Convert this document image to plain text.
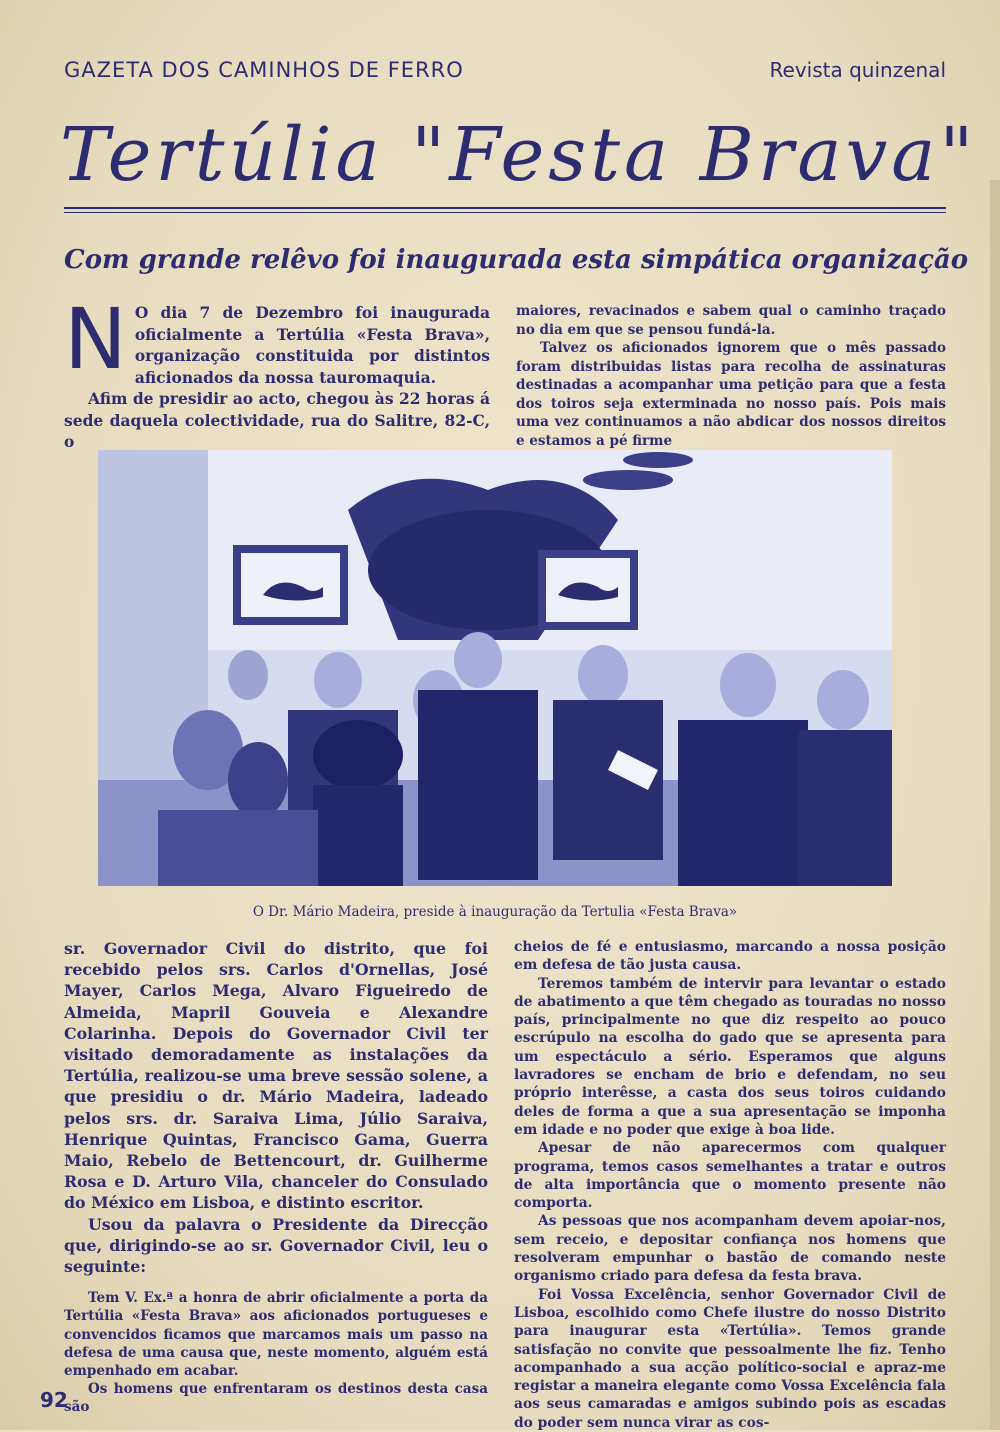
GAZETA DOS CAMINHOS DE FERRO	Revista quinzenal
Tertúlia "Festa Brava"
Com grande relêvo foi inaugurada esta simpática organização
N O dia 7 de Dezembro foi inaugurada oficialmente a Tertúlia «Festa Brava», organização constituida por distintos aficionados da nossa tauromaquia.

Afim de presidir ao acto, chegou às 22 horas á sede daquela colectividade, rua do Salitre, 82-C, o

maiores, revacinados e sabem qual o caminho traçado no dia em que se pensou fundá-la.

Talvez os aficionados ignorem que o mês passado foram distribuidas listas para recolha de assinaturas destinadas a acompanhar uma petição para que a festa dos toiros seja exterminada no nosso país. Pois mais uma vez continuamos a não abdicar dos nossos direitos e estamos a pé firme

O Dr. Mário Madeira, preside à inauguração da Tertulia «Festa Brava»

sr. Governador Civil do distrito, que foi recebido pelos srs. Carlos d'Ornellas, José Mayer, Carlos Mega, Alvaro Figueiredo de Almeida, Mapril Gouveia e Alexandre Colarinha. Depois do Governador Civil ter visitado demoradamente as instalações da Tertúlia, realizou-se uma breve sessão solene, a que presidiu o dr. Mário Madeira, ladeado pelos srs. dr. Saraiva Lima, Júlio Saraiva, Henrique Quintas, Francisco Gama, Guerra Maio, Rebelo de Bettencourt, dr. Guilherme Rosa e D. Arturo Vila, chanceler do Consulado do México em Lisboa, e distinto escritor.

Usou da palavra o Presidente da Direcção que, dirigindo-se ao sr. Governador Civil, leu o seguinte:

Tem V. Ex.ª a honra de abrir oficialmente a porta da Tertúlia «Festa Brava» aos aficionados portugueses e convencidos ficamos que marcamos mais um passo na defesa de uma causa que, neste momento, alguém está empenhado em acabar.

Os homens que enfrentaram os destinos desta casa são

cheios de fé e entusiasmo, marcando a nossa posição em defesa de tão justa causa.

Teremos também de intervir para levantar o estado de abatimento a que têm chegado as touradas no nosso país, principalmente no que diz respeito ao pouco escrúpulo na escolha do gado que se apresenta para um espectáculo a sério. Esperamos que alguns lavradores se encham de brio e defendam, no seu próprio interêsse, a casta dos seus toiros cuidando deles de forma a que a sua apresentação se imponha em idade e no poder que exige à boa lide.

Apesar de não aparecermos com qualquer programa, temos casos semelhantes a tratar e outros de alta importância que o momento presente não comporta.

As pessoas que nos acompanham devem apoiar-nos, sem receio, e depositar confiança nos homens que resolveram empunhar o bastão de comando neste organismo criado para defesa da festa brava.

Foi Vossa Excelência, senhor Governador Civil de Lisboa, escolhido como Chefe ilustre do nosso Distrito para inaugurar esta «Tertúlia». Temos grande satisfação no convite que pessoalmente lhe fiz. Tenho acompanhado a sua acção político-social e apraz-me registar a maneira elegante como Vossa Excelência fala aos seus camaradas e amigos subindo pois as escadas do poder sem nunca virar as cos-

92
